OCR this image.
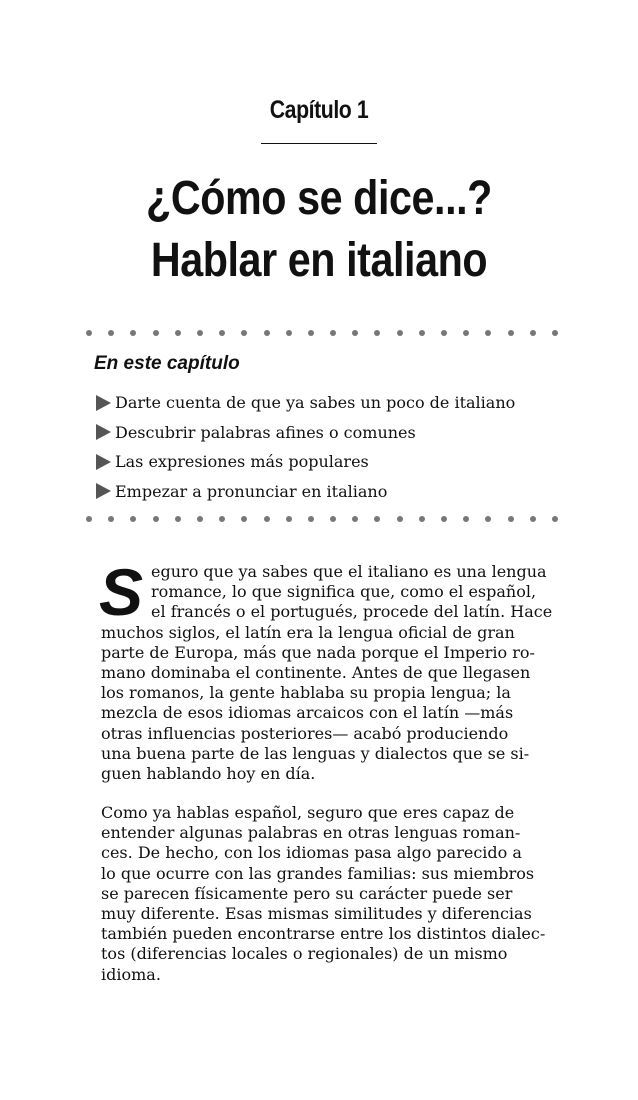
Capítulo 1
¿Cómo se dice...?
Hablar en italiano
En este capítulo
Darte cuenta de que ya sabes un poco de italiano
Descubrir palabras afines o comunes
Las expresiones más populares
Empezar a pronunciar en italiano

S eguro que ya sabes que el italiano es una lengua
romance, lo que significa que, como el español,
el francés o el portugués, procede del latín. Hace
muchos siglos, el latín era la lengua oficial de gran
parte de Europa, más que nada porque el Imperio ro-
mano dominaba el continente. Antes de que llegasen
los romanos, la gente hablaba su propia lengua; la
mezcla de esos idiomas arcaicos con el latín —más
otras influencias posteriores— acabó produciendo
una buena parte de las lenguas y dialectos que se si-
guen hablando hoy en día.

Como ya hablas español, seguro que eres capaz de
entender algunas palabras en otras lenguas roman-
ces. De hecho, con los idiomas pasa algo parecido a
lo que ocurre con las grandes familias: sus miembros
se parecen físicamente pero su carácter puede ser
muy diferente. Esas mismas similitudes y diferencias
también pueden encontrarse entre los distintos dialec-
tos (diferencias locales o regionales) de un mismo
idioma.
